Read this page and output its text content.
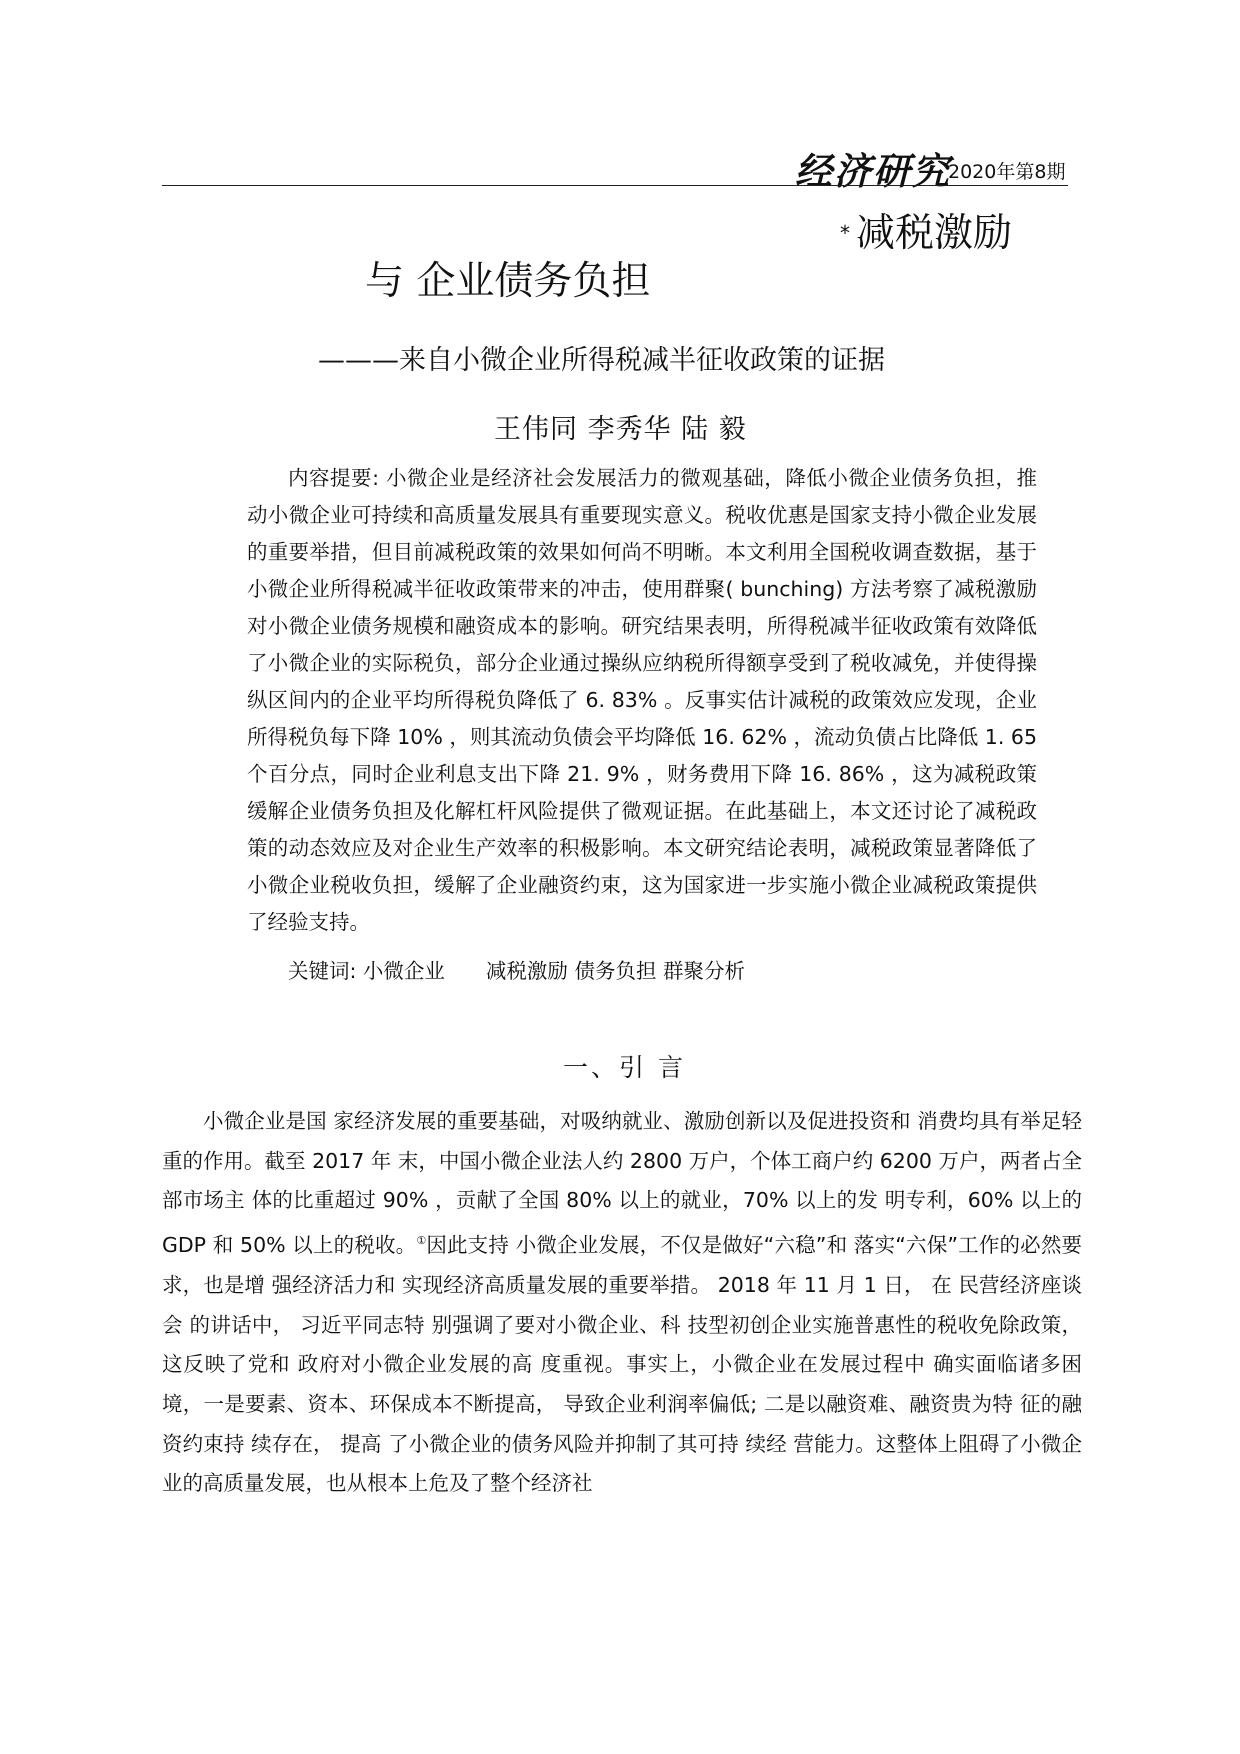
经济研究
2020年第8期
* 减税激励
与 企业债务负担
———来自小微企业所得税减半征收政策的证据
王伟同 李秀华 陆 毅

内容提要: 小微企业是经济社会发展活力的微观基础，降低小微企业债务负担，推动小微企业可持续和高质量发展具有重要现实意义。税收优惠是国家支持小微企业发展的重要举措，但目前减税政策的效果如何尚不明晰。本文利用全国税收调查数据，基于小微企业所得税减半征收政策带来的冲击，使用群聚( bunching) 方法考察了减税激励对小微企业债务规模和融资成本的影响。研究结果表明，所得税减半征收政策有效降低了小微企业的实际税负，部分企业通过操纵应纳税所得额享受到了税收减免，并使得操纵区间内的企业平均所得税负降低了 6. 83% 。反事实估计减税的政策效应发现，企业所得税负每下降 10% ，则其流动负债会平均降低 16. 62% ，流动负债占比降低 1. 65 个百分点，同时企业利息支出下降 21. 9% ，财务费用下降 16. 86% ，这为减税政策缓解企业债务负担及化解杠杆风险提供了微观证据。在此基础上，本文还讨论了减税政策的动态效应及对企业生产效率的积极影响。本文研究结论表明，减税政策显著降低了小微企业税收负担，缓解了企业融资约束，这为国家进一步实施小微企业减税政策提供了经验支持。

关键词: 小微企业　　减税激励 债务负担 群聚分析
一、引 言

小微企业是国 家经济发展的重要基础，对吸纳就业、激励创新以及促进投资和 消费均具有举足轻重的作用。截至 2017 年 末，中国小微企业法人约 2800 万户，个体工商户约 6200 万户，两者占全部市场主 体的比重超过 90% ，贡献了全国 80% 以上的就业，70% 以上的发 明专利，60% 以上的 GDP 和 50% 以上的税收。①因此支持 小微企业发展，不仅是做好“六稳”和 落实“六保”工作的必然要求，也是增 强经济活力和 实现经济高质量发展的重要举措。 2018 年 11 月 1 日， 在 民营经济座谈会 的讲话中， 习近平同志特 别强调了要对小微企业、科 技型初创企业实施普惠性的税收免除政策，这反映了党和 政府对小微企业发展的高 度重视。事实上，小微企业在发展过程中 确实面临诸多困境，一是要素、资本、环保成本不断提高， 导致企业利润率偏低; 二是以融资难、融资贵为特 征的融资约束持 续存在， 提高 了小微企业的债务风险并抑制了其可持 续经 营能力。这整体上阻碍了小微企业的高质量发展，也从根本上危及了整个经济社
